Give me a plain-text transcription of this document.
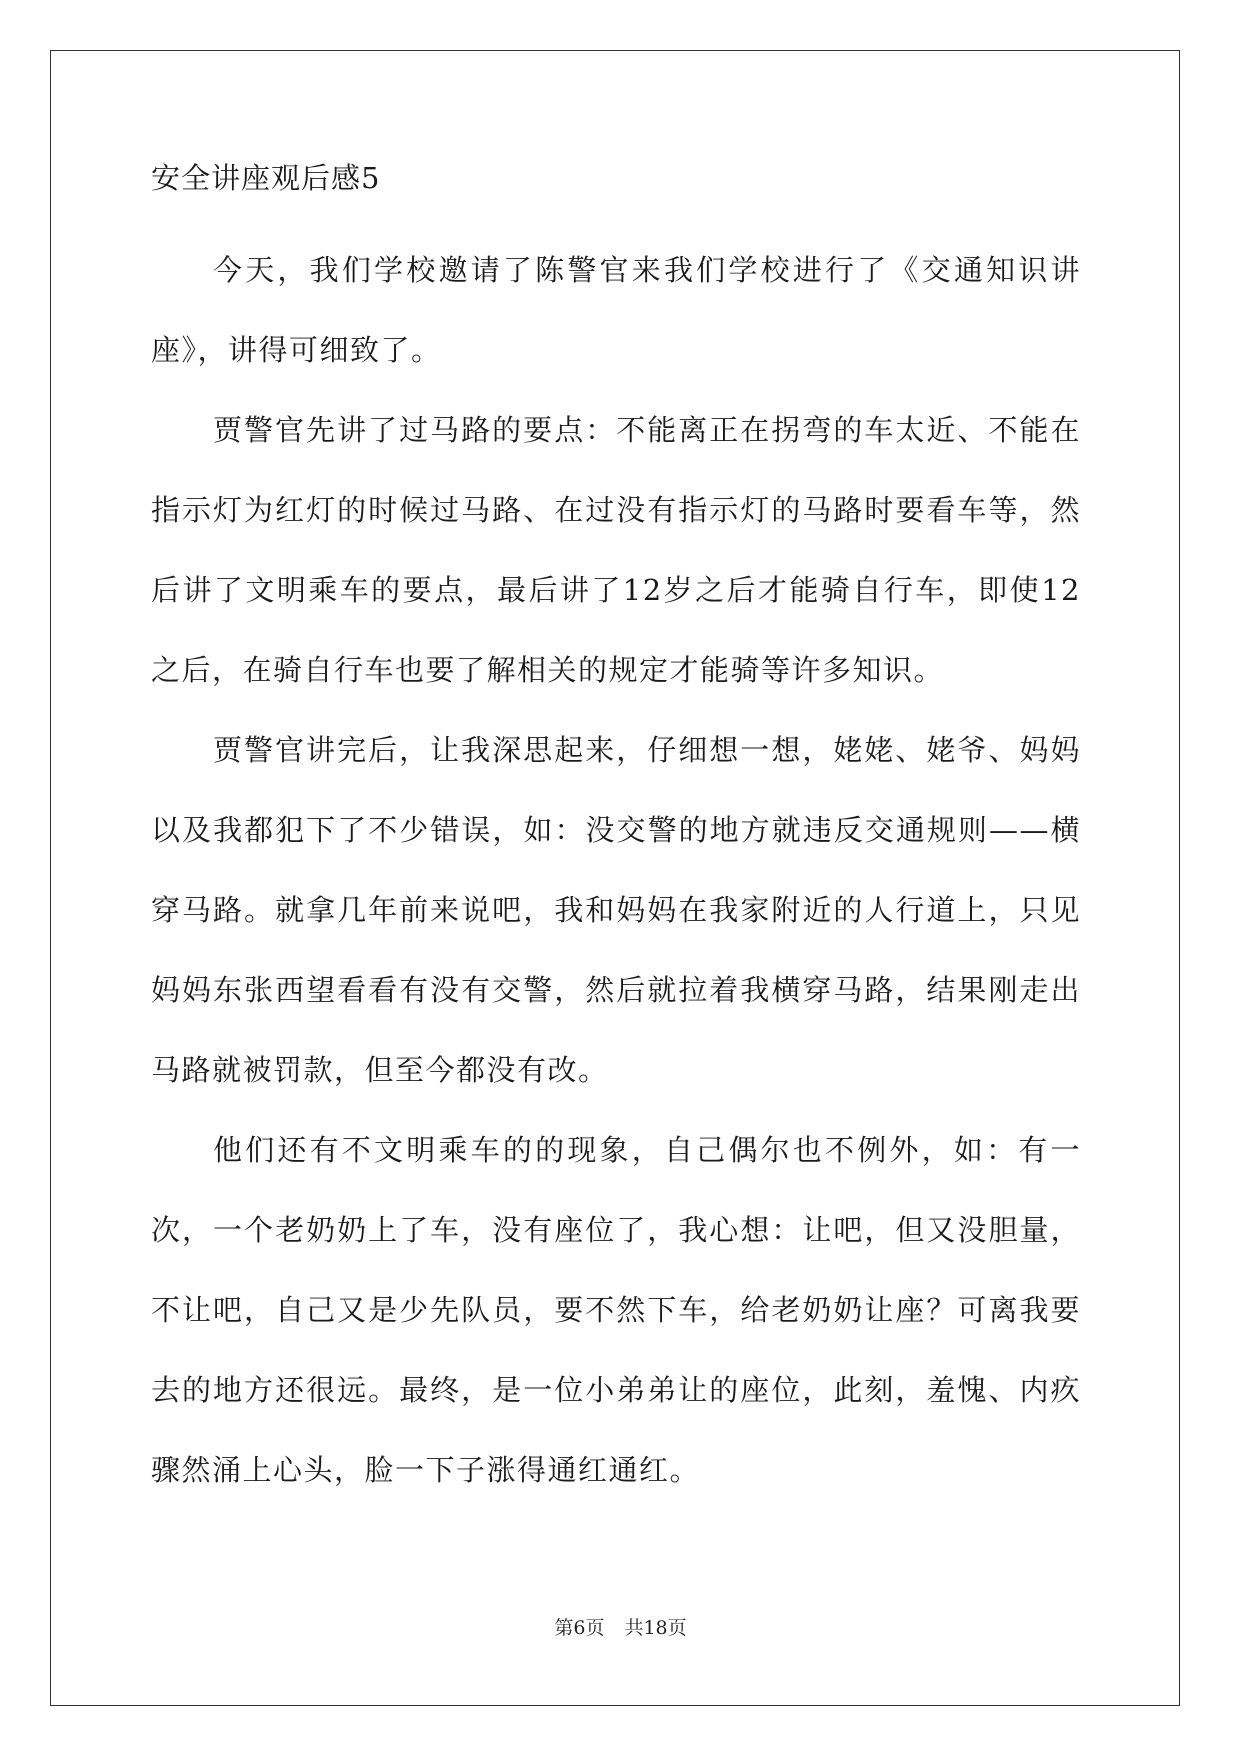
安全讲座观后感5

今天，我们学校邀请了陈警官来我们学校进行了《交通知识讲座》，讲得可细致了。

贾警官先讲了过马路的要点：不能离正在拐弯的车太近、不能在指示灯为红灯的时候过马路、在过没有指示灯的马路时要看车等，然后讲了文明乘车的要点，最后讲了12岁之后才能骑自行车，即使12之后，在骑自行车也要了解相关的规定才能骑等许多知识。

贾警官讲完后，让我深思起来，仔细想一想，姥姥、姥爷、妈妈以及我都犯下了不少错误，如：没交警的地方就违反交通规则——横穿马路。就拿几年前来说吧，我和妈妈在我家附近的人行道上，只见妈妈东张西望看看有没有交警，然后就拉着我横穿马路，结果刚走出马路就被罚款，但至今都没有改。

他们还有不文明乘车的的现象，自己偶尔也不例外，如：有一次，一个老奶奶上了车，没有座位了，我心想：让吧，但又没胆量，不让吧，自己又是少先队员，要不然下车，给老奶奶让座？可离我要去的地方还很远。最终，是一位小弟弟让的座位，此刻，羞愧、内疚骤然涌上心头，脸一下子涨得通红通红。

第6页 共18页
